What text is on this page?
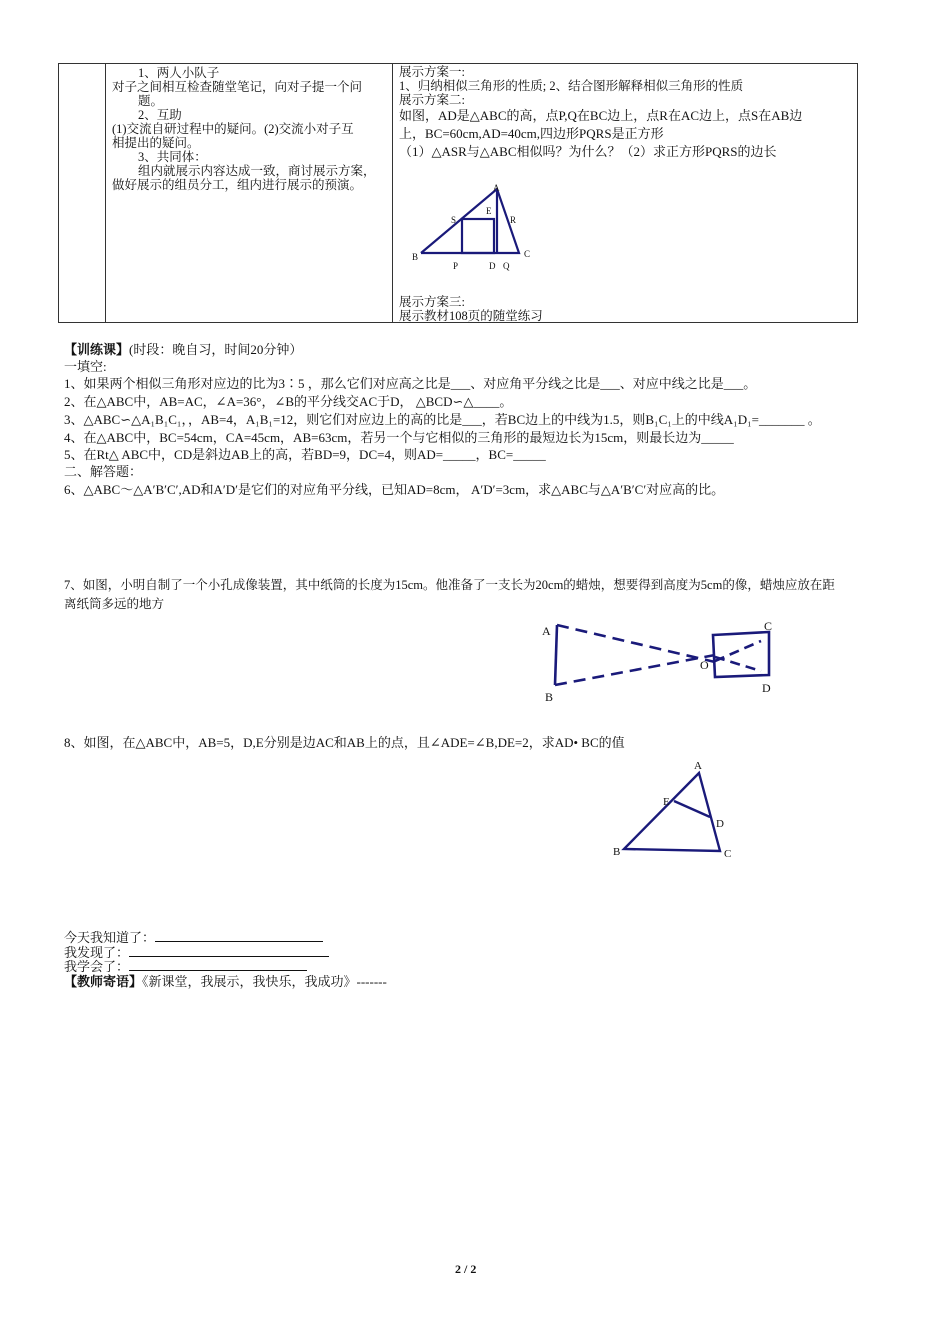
1、两人小队子
对子之间相互检查随堂笔记，向对子提一个问
题。
2、互助
(1)交流自研过程中的疑问。(2)交流小对子互
相提出的疑问。
3、共同体：
组内就展示内容达成一致，商讨展示方案，
做好展示的组员分工，组内进行展示的预演。
展示方案一:
1、归纳相似三角形的性质; 2、结合图形解释相似三角形的性质
展示方案二:
如图，AD是△ABC的高，点P,Q在BC边上，点R在AC边上，点S在AB边
上，BC=60cm,AD=40cm,四边形PQRS是正方形
（1）△ASR与△ABC相似吗？为什么？（2）求正方形PQRS的边长
A
S
E
R
B
P	D Q
C
展示方案三:
展示教材108页的随堂练习
【训练课】(时段：晚自习，时间20分钟）
一填空:
1、如果两个相似三角形对应边的比为3∶5 ，那么它们对应高之比是___、对应角平分线之比是___、对应中线之比是___。
2、在△ABC中，AB=AC，∠A=36°，∠B的平分线交AC于D， △BCD∽△____。
3、△ABC∽△A₁B₁C₁，，AB=4，A₁B₁=12，则它们对应边上的高的比是___，若BC边上的中线为1.5，则B₁C₁上的中线A₁D₁=_______ 。
4、在△ABC中，BC=54cm，CA=45cm，AB=63cm，若另一个与它相似的三角形的最短边长为15cm，则最长边为_____
5、在Rt△ ABC中，CD是斜边AB上的高，若BD=9，DC=4，则AD=_____，BC=_____
二、解答题：
6、△ABC～△A′B′C′,AD和A′D′是它们的对应角平分线，已知AD=8cm， A′D′=3cm，求△ABC与△A′B′C′对应高的比。
7、如图，小明自制了一个小孔成像装置，其中纸筒的长度为15cm。他准备了一支长为20cm的蜡烛，想要得到高度为5cm的像，蜡烛应放在距
离纸筒多远的地方
A
B
C
D
O
8、如图，在△ABC中，AB=5，D,E分别是边AC和AB上的点，且∠ADE=∠B,DE=2，求AD• BC的值
A
E
D
B	C
今天我知道了：
我发现了：
我学会了：
【教师寄语】《新课堂，我展示，我快乐，我成功》-------
2 / 2
